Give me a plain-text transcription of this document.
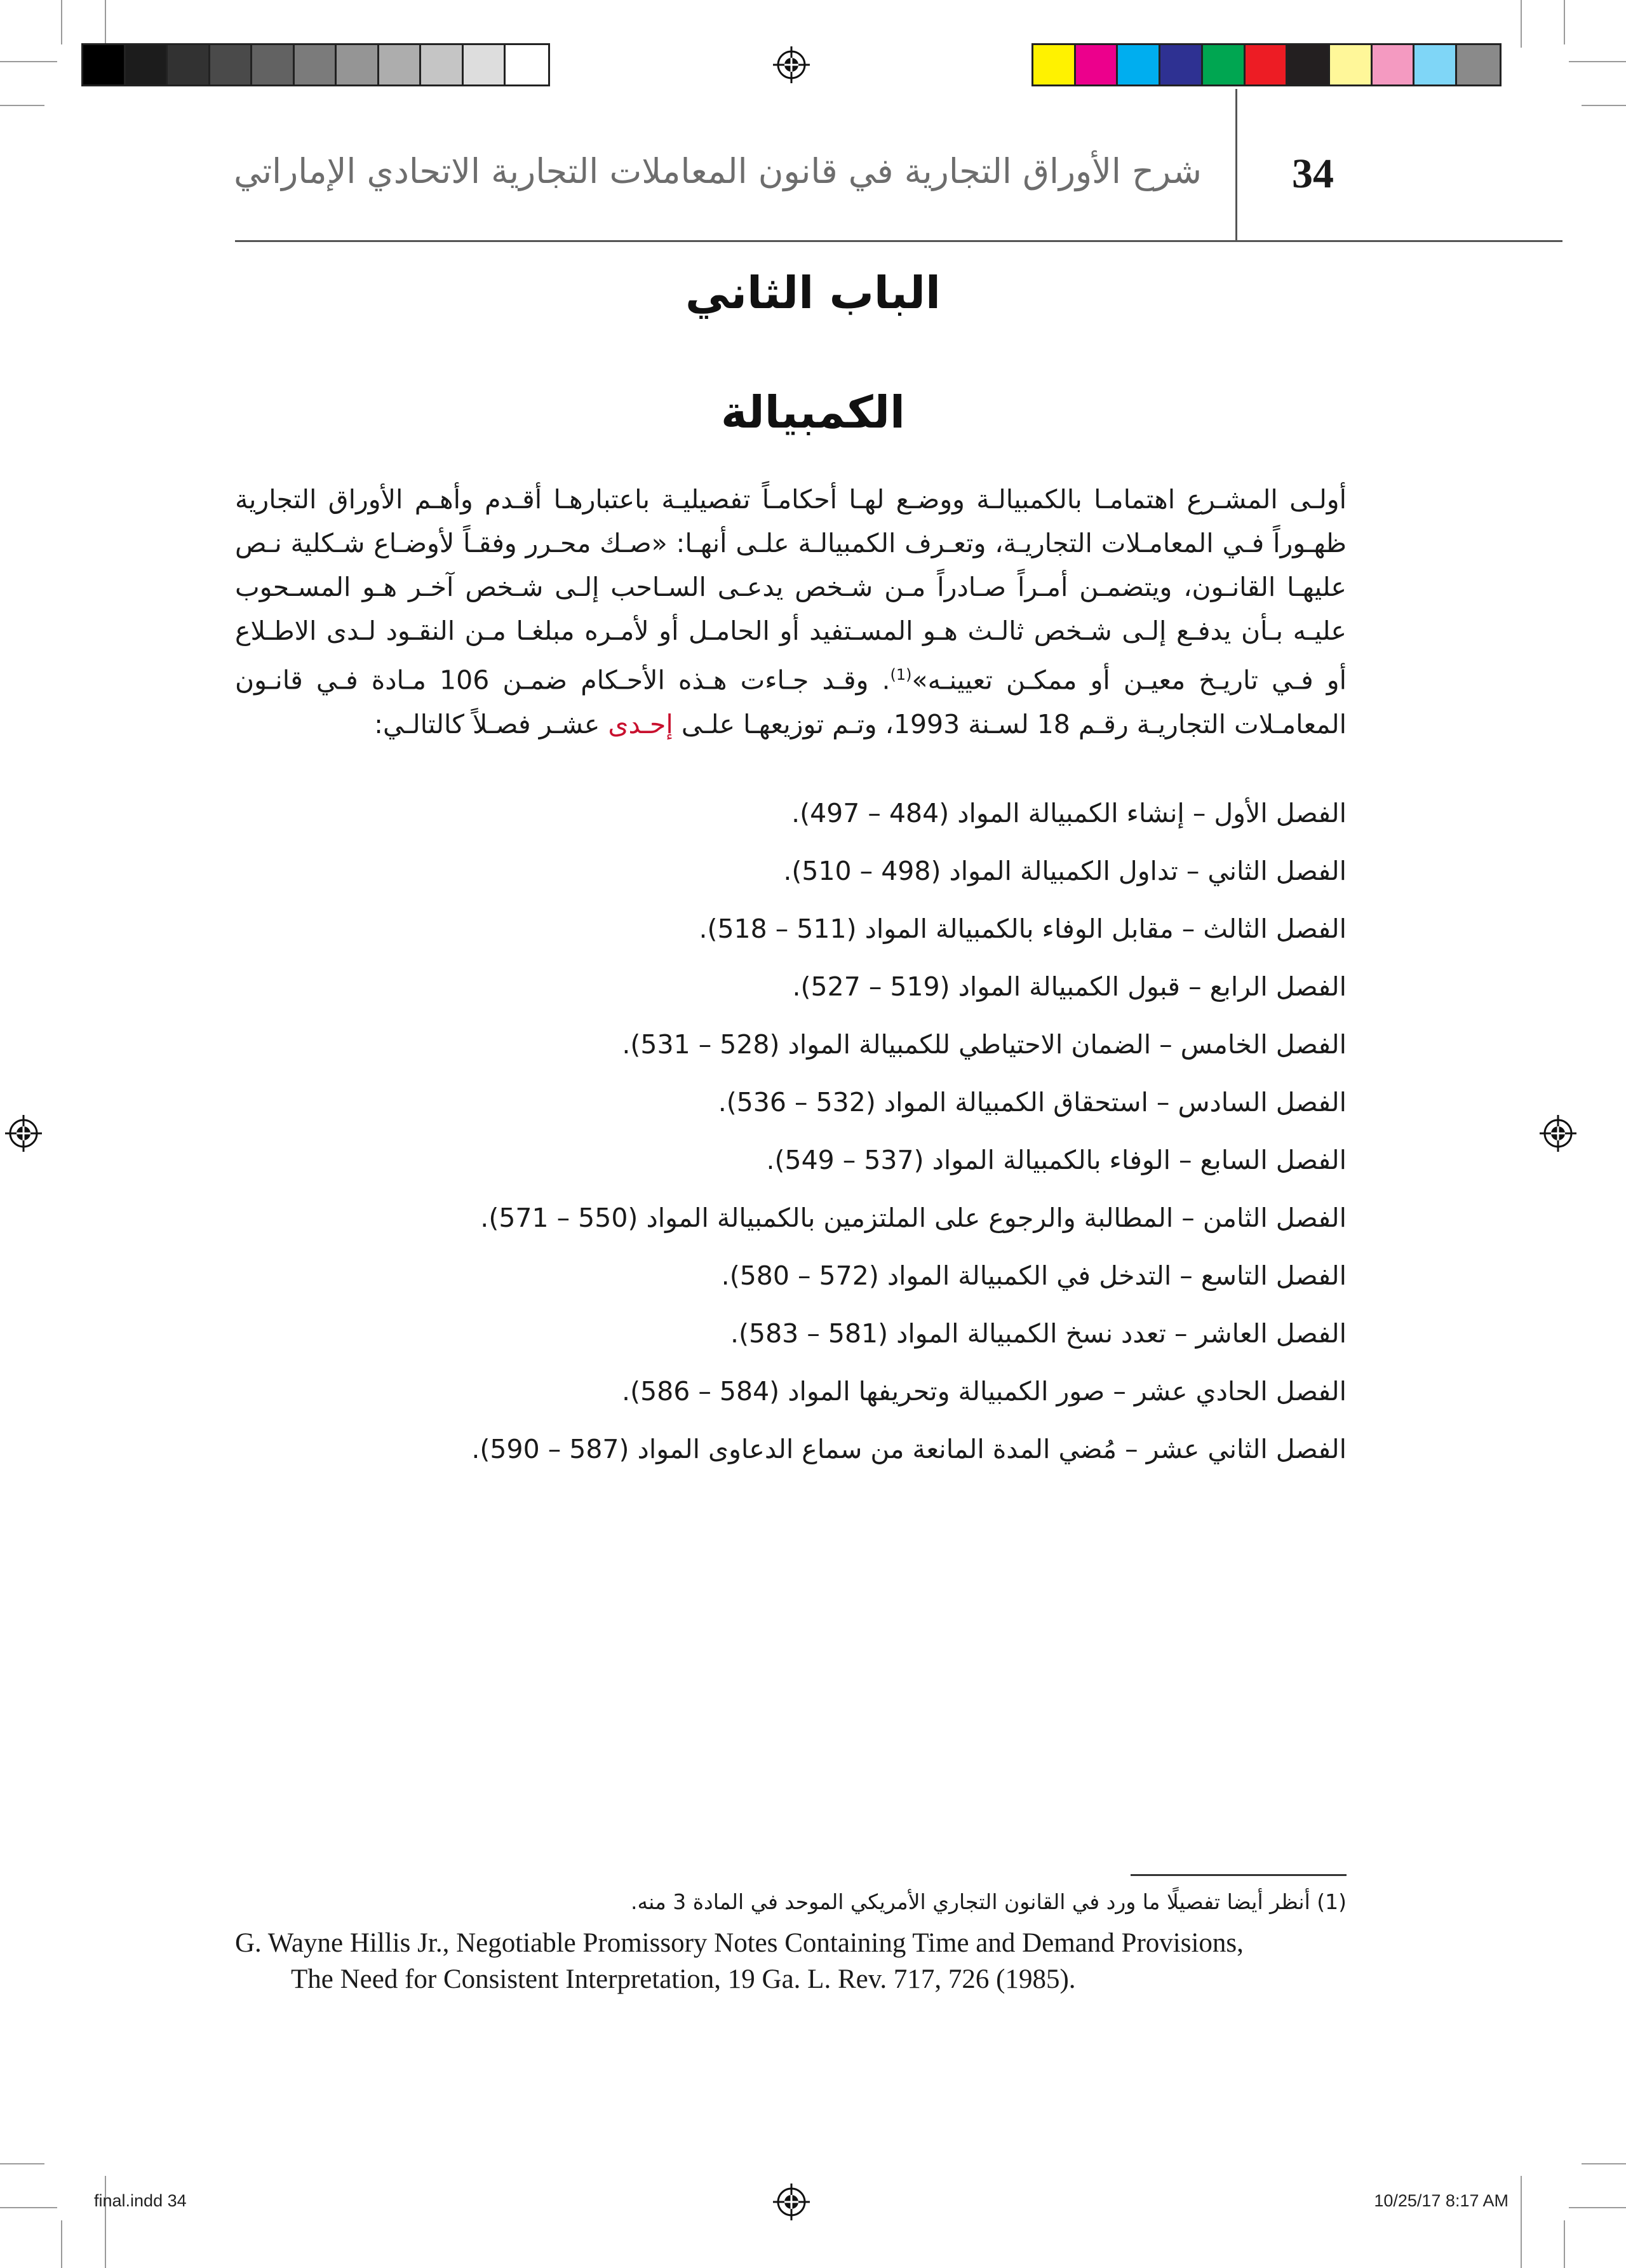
شرح الأوراق التجارية في قانون المعاملات التجارية الاتحادي الإماراتي 34
الباب الثاني
الكمبيالة
أولـى المشـرع اهتمامـا بالكمبيالـة ووضـع لهـا أحكامـاً تفصيليـة باعتبارهـا أقـدم وأهـم الأوراق التجارية ظهـوراً فـي المعامـلات التجاريـة، وتعـرف الكمبيالـة علـى أنهـا: «صـك محـرر وفقـاً لأوضـاع شـكلية نـص عليهـا القانـون، ويتضمـن أمـراً صـادراً مـن شـخص يدعـى السـاحب إلـى شـخص آخـر هـو المسـحوب عليـه بـأن يدفـع إلـى شـخص ثالـث هـو المسـتفيد أو الحامـل أو لأمـره مبلغـا مـن النقـود لـدى الاطـلاع أو فـي تاريـخ معيـن أو ممكـن تعيينـه»$^{(1)}$. وقـد جـاءت هـذه الأحـكام ضمـن 106 مـادة فـي قانـون المعامـلات التجاريـة رقـم 18 لسـنة 1993، وتـم توزيعهـا علـى إحـدى عشـر فصـلاً كالتالـي:
الفصل الأول – إنشاء الكمبيالة المواد (484 – 497).
الفصل الثاني – تداول الكمبيالة المواد (498 – 510).
الفصل الثالث – مقابل الوفاء بالكمبيالة المواد (511 – 518).
الفصل الرابع – قبول الكمبيالة المواد (519 – 527).
الفصل الخامس – الضمان الاحتياطي للكمبيالة المواد (528 – 531).
الفصل السادس – استحقاق الكمبيالة المواد (532 – 536).
الفصل السابع – الوفاء بالكمبيالة المواد (537 – 549).
الفصل الثامن – المطالبة والرجوع على الملتزمين بالكمبيالة المواد (550 – 571).
الفصل التاسع – التدخل في الكمبيالة المواد (572 – 580).
الفصل العاشر – تعدد نسخ الكمبيالة المواد (581 – 583).
الفصل الحادي عشر – صور الكمبيالة وتحريفها المواد (584 – 586).
الفصل الثاني عشر – مُضي المدة المانعة من سماع الدعاوى المواد (587 – 590).
(1) أنظر أيضا تفصيلًا ما ورد في القانون التجاري الأمريكي الموحد في المادة 3 منه.
G. Wayne Hillis Jr., Negotiable Promissory Notes Containing Time and Demand Provisions,
The Need for Consistent Interpretation, 19 Ga. L. Rev. 717, 726 (1985).
final.indd 34	10/25/17 8:17 AM
